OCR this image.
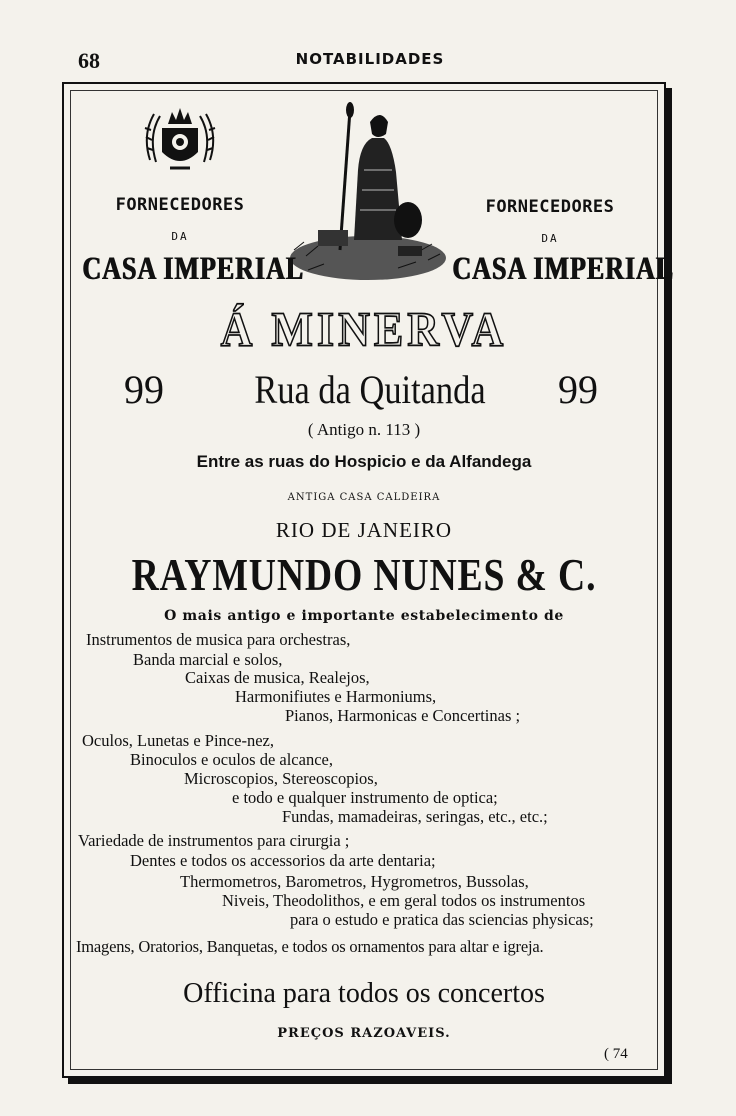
68	NOTABILIDADES
FORNECEDORES
DA
CASA IMPERIAL
FORNECEDORES
DA
CASA IMPERIAL
Á MINERVA
99	Rua da Quitanda	99
( Antigo n. 113 )
Entre as ruas do Hospicio e da Alfandega
ANTIGA CASA CALDEIRA
RIO DE JANEIRO
RAYMUNDO NUNES & C.
O mais antigo e importante estabelecimento de
Instrumentos de musica para orchestras,
Banda marcial e solos,
Caixas de musica, Realejos,
Harmonifiutes e Harmoniums,
Pianos, Harmonicas e Concertinas ;
Oculos, Lunetas e Pince-nez,
Binoculos e oculos de alcance,
Microscopios, Stereoscopios,
e todo e qualquer instrumento de optica;
Fundas, mamadeiras, seringas, etc., etc.;
Variedade de instrumentos para cirurgia ;
Dentes e todos os accessorios da arte dentaria;
Thermometros, Barometros, Hygrometros, Bussolas,
Niveis, Theodolithos, e em geral todos os instrumentos
para o estudo e pratica das sciencias physicas;
Imagens, Oratorios, Banquetas, e todos os ornamentos para altar e igreja.
Officina para todos os concertos
PREÇOS RAZOAVEIS.
( 74
